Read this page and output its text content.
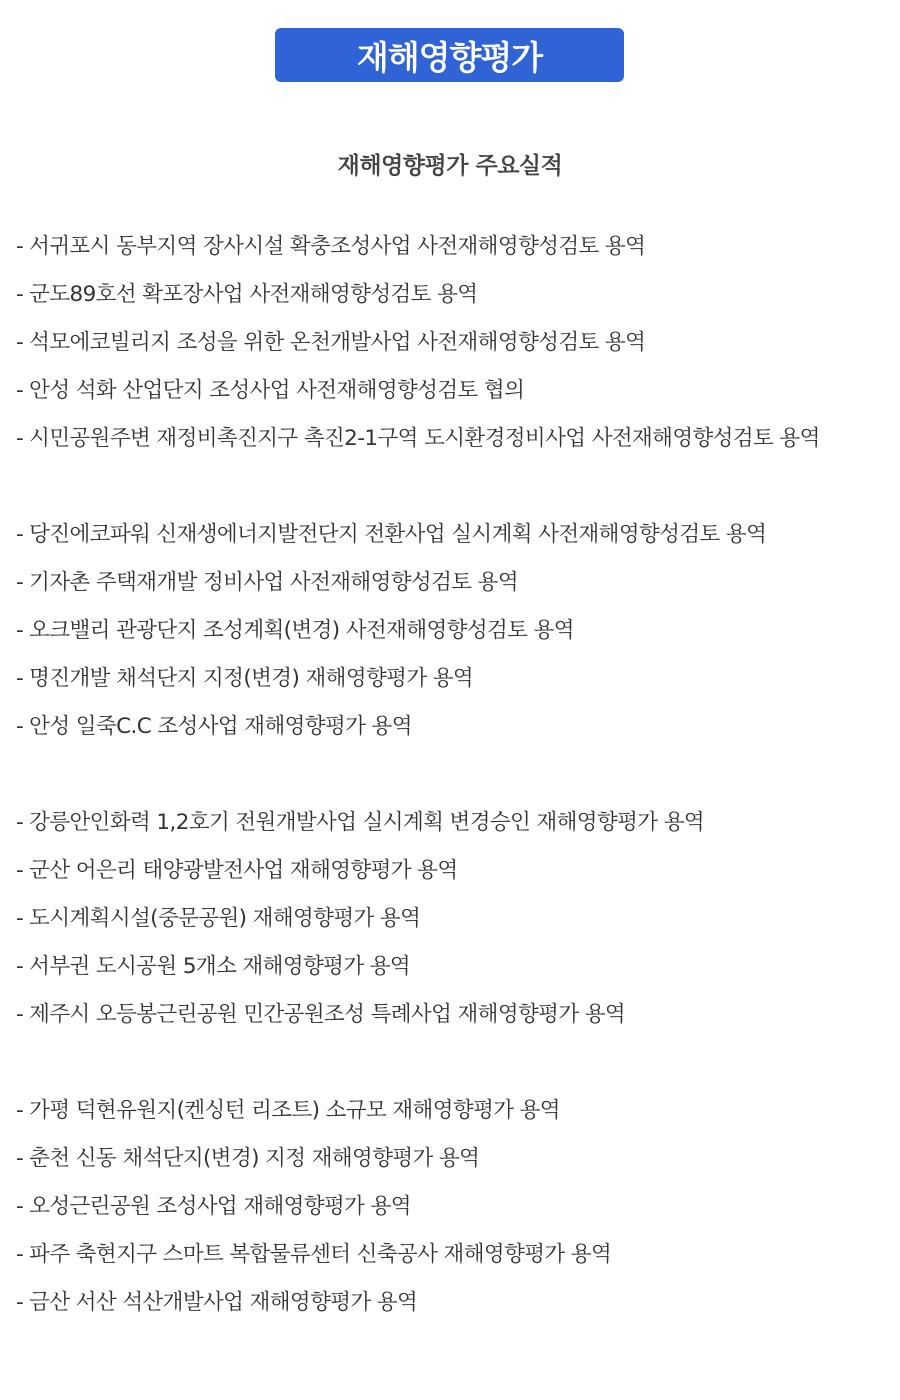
재해영향평가
재해영향평가 주요실적
- 서귀포시 동부지역 장사시설 확충조성사업 사전재해영향성검토 용역
- 군도89호선 확포장사업 사전재해영향성검토 용역
- 석모에코빌리지 조성을 위한 온천개발사업 사전재해영향성검토 용역
- 안성 석화 산업단지 조성사업 사전재해영향성검토 협의
- 시민공원주변 재정비촉진지구 촉진2-1구역 도시환경정비사업 사전재해영향성검토 용역
- 당진에코파워 신재생에너지발전단지 전환사업 실시계획 사전재해영향성검토 용역
- 기자촌 주택재개발 정비사업 사전재해영향성검토 용역
- 오크밸리 관광단지 조성계획(변경) 사전재해영향성검토 용역
- 명진개발 채석단지 지정(변경) 재해영향평가 용역
- 안성 일죽C.C 조성사업 재해영향평가 용역
- 강릉안인화력 1,2호기 전원개발사업 실시계획 변경승인 재해영향평가 용역
- 군산 어은리 태양광발전사업 재해영향평가 용역
- 도시계획시설(중문공원) 재해영향평가 용역
- 서부권 도시공원 5개소 재해영향평가 용역
- 제주시 오등봉근린공원 민간공원조성 특례사업 재해영향평가 용역
- 가평 덕현유원지(켄싱턴 리조트) 소규모 재해영향평가 용역
- 춘천 신동 채석단지(변경) 지정 재해영향평가 용역
- 오성근린공원 조성사업 재해영향평가 용역
- 파주 축현지구 스마트 복합물류센터 신축공사 재해영향평가 용역
- 금산 서산 석산개발사업 재해영향평가 용역
